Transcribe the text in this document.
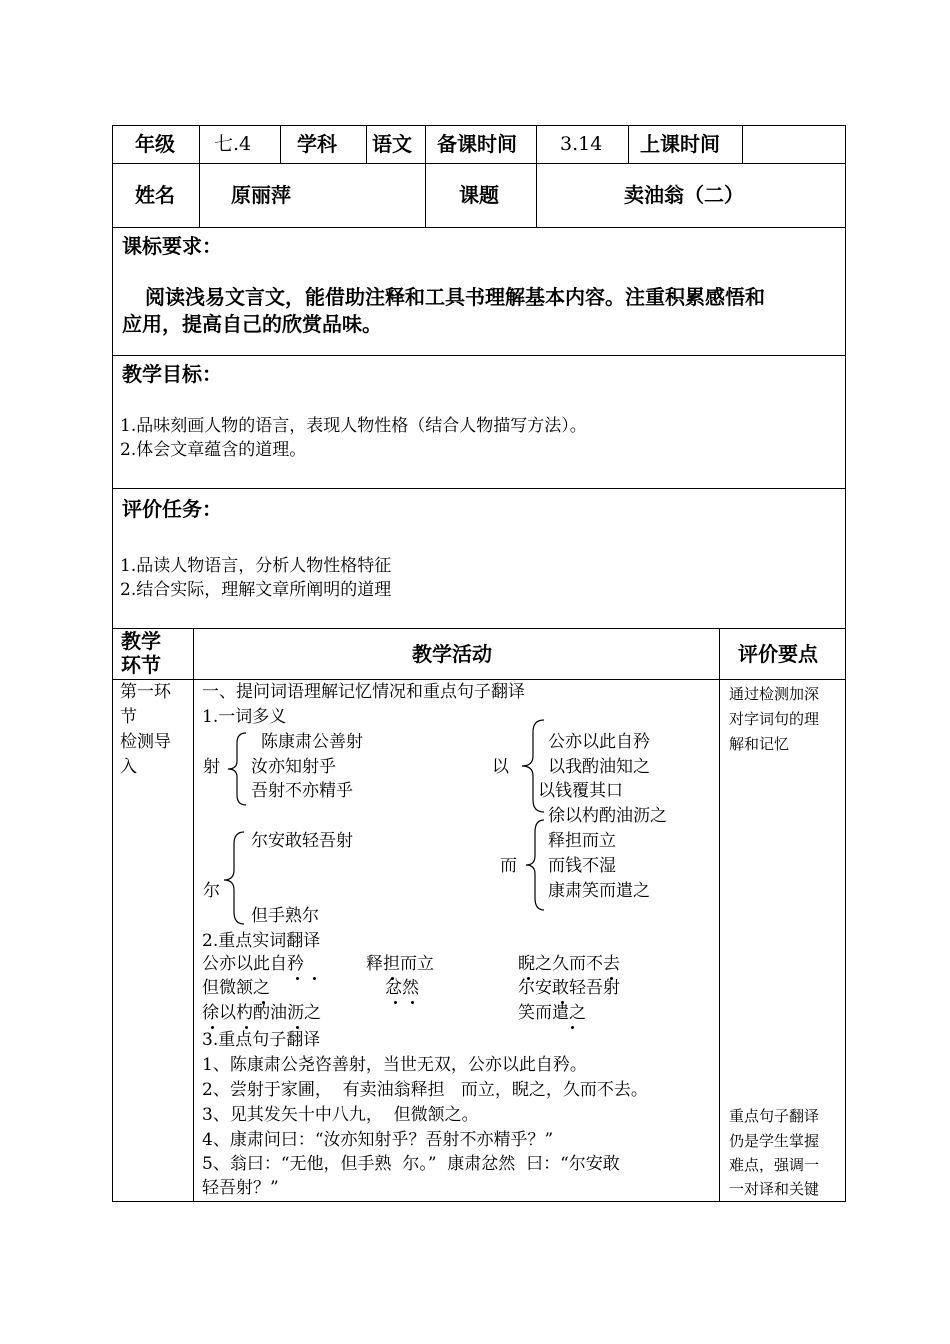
年级 七.4 学科 语文 备课时间 3.14 上课时间
姓名	原丽萍	课题	卖油翁（二）
课标要求：
阅读浅易文言文，能借助注释和工具书理解基本内容。注重积累感悟和
应用，提高自己的欣赏品味。
教学目标：
1.品味刻画人物的语言，表现人物性格（结合人物描写方法）。
2.体会文章蕴含的道理。
评价任务：
1.品读人物语言，分析人物性格特征
2.结合实际，理解文章所阐明的道理
教学
环节	教学活动	评价要点
第一环
节
检测导
入
一、提问词语理解记忆情况和重点句子翻译
1.一词多义
射
陈康肃公善射
汝亦知射乎
吾射不亦精乎
以
公亦以此自矜
以我酌油知之
以钱覆其口
徐以杓酌油沥之
尔
尔安敢轻吾射
但手熟尔
而
释担而立
而钱不湿
康肃笑而遣之
2.重点实词翻译
公亦以此自矜	释担而立	睨之久而不去
但微颔之	忿然	尔安敢轻吾射
徐以杓酌油沥之	笑而遣之
3.重点句子翻译
1、陈康肃公尧咨善射，当世无双，公亦以此自矜。
2、尝射于家圃，  有卖油翁释担   而立，睨之，久而不去。
3、见其发矢十中八九，  但微颔之。
4、康肃问曰：“汝亦知射乎？吾射不亦精乎？”
5、翁曰：“无他，但手熟  尔。”  康肃忿然  曰：“尔安敢
轻吾射？”
通过检测加深
对字词句的理
解和记忆
重点句子翻译
仍是学生掌握
难点，强调一
一对译和关键
